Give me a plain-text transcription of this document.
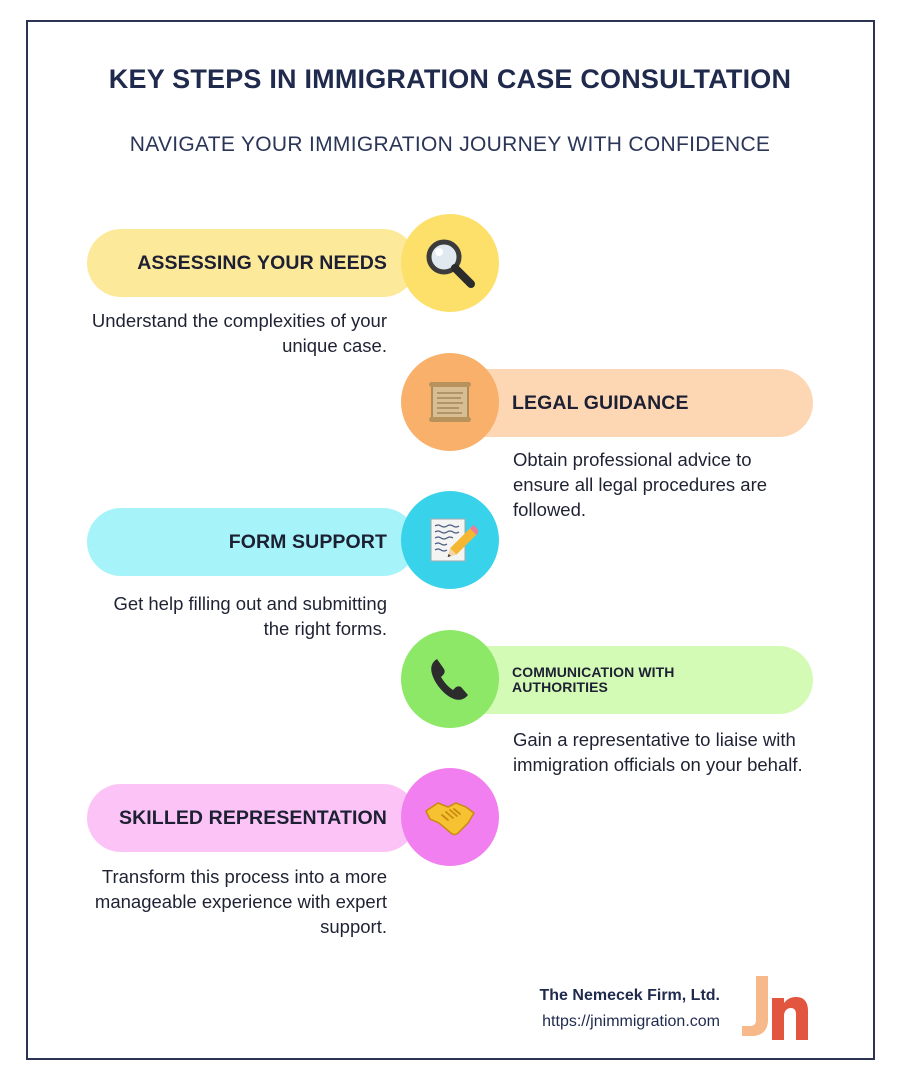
KEY STEPS IN IMMIGRATION CASE CONSULTATION
NAVIGATE YOUR IMMIGRATION JOURNEY WITH CONFIDENCE
ASSESSING YOUR NEEDS
Understand the complexities of your unique case.
LEGAL GUIDANCE
Obtain professional advice to ensure all legal procedures are followed.
FORM SUPPORT
Get help filling out and submitting the right forms.
COMMUNICATION WITH AUTHORITIES
Gain a representative to liaise with immigration officials on your behalf.
SKILLED REPRESENTATION
Transform this process into a more manageable experience with expert support.
The Nemecek Firm, Ltd.
https://jnimmigration.com
